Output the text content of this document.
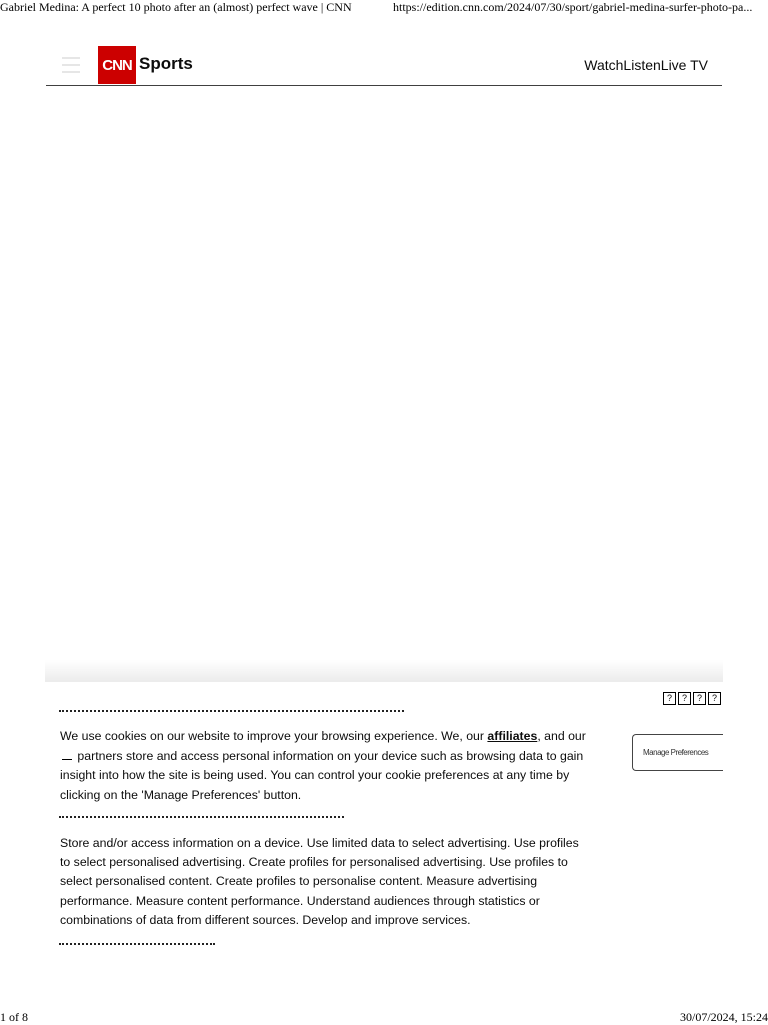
Gabriel Medina: A perfect 10 photo after an (almost) perfect wave | CNN	https://edition.cnn.com/2024/07/30/sport/gabriel-medina-surfer-photo-pa...
CNN Sports	Watch Listen Live TV
?	?	?	?
We use cookies on our website to improve your browsing experience. We, our affiliates, and our  partners store and access personal information on your device such as browsing data to gain insight into how the site is being used. You can control your cookie preferences at any time by clicking on the 'Manage Preferences' button.
Manage Preferences
Store and/or access information on a device. Use limited data to select advertising. Use profiles to select personalised advertising. Create profiles for personalised advertising. Use profiles to select personalised content. Create profiles to personalise content. Measure advertising performance. Measure content performance. Understand audiences through statistics or combinations of data from different sources. Develop and improve services.
1 of 8	30/07/2024, 15:24
